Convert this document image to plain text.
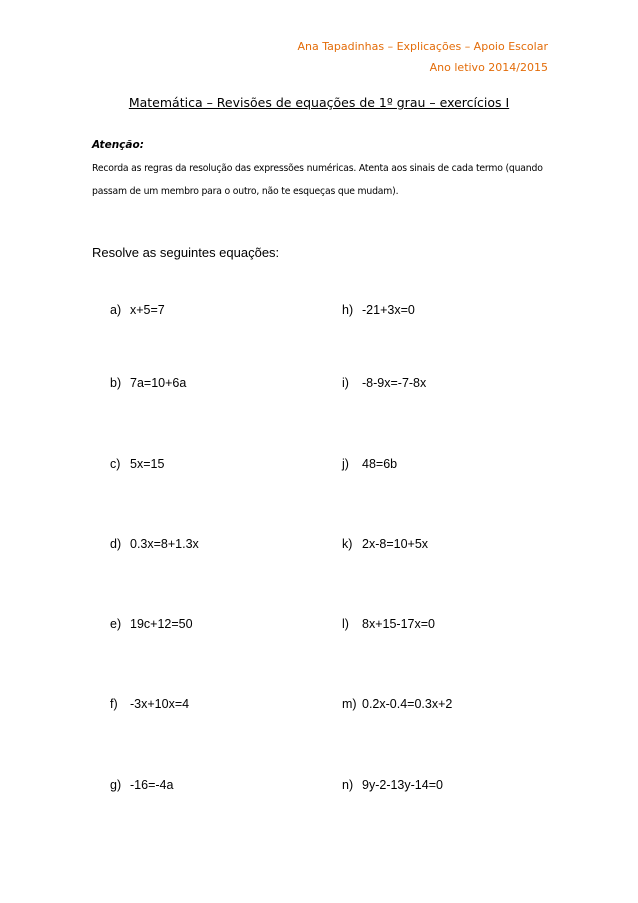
Ana Tapadinhas – Explicações – Apoio Escolar
Ano letivo 2014/2015
Matemática – Revisões de equações de 1º grau – exercícios I
Atenção:
Recorda as regras da resolução das expressões numéricas. Atenta aos sinais de cada termo (quando passam de um membro para o outro, não te esqueças que mudam).
Resolve as seguintes equações:
a) x+5=7
b) 7a=10+6a
c) 5x=15
d) 0.3x=8+1.3x
e) 19c+12=50
f) -3x+10x=4
g) -16=-4a
h) -21+3x=0
i) -8-9x=-7-8x
j) 48=6b
k) 2x-8=10+5x
l) 8x+15-17x=0
m) 0.2x-0.4=0.3x+2
n) 9y-2-13y-14=0
